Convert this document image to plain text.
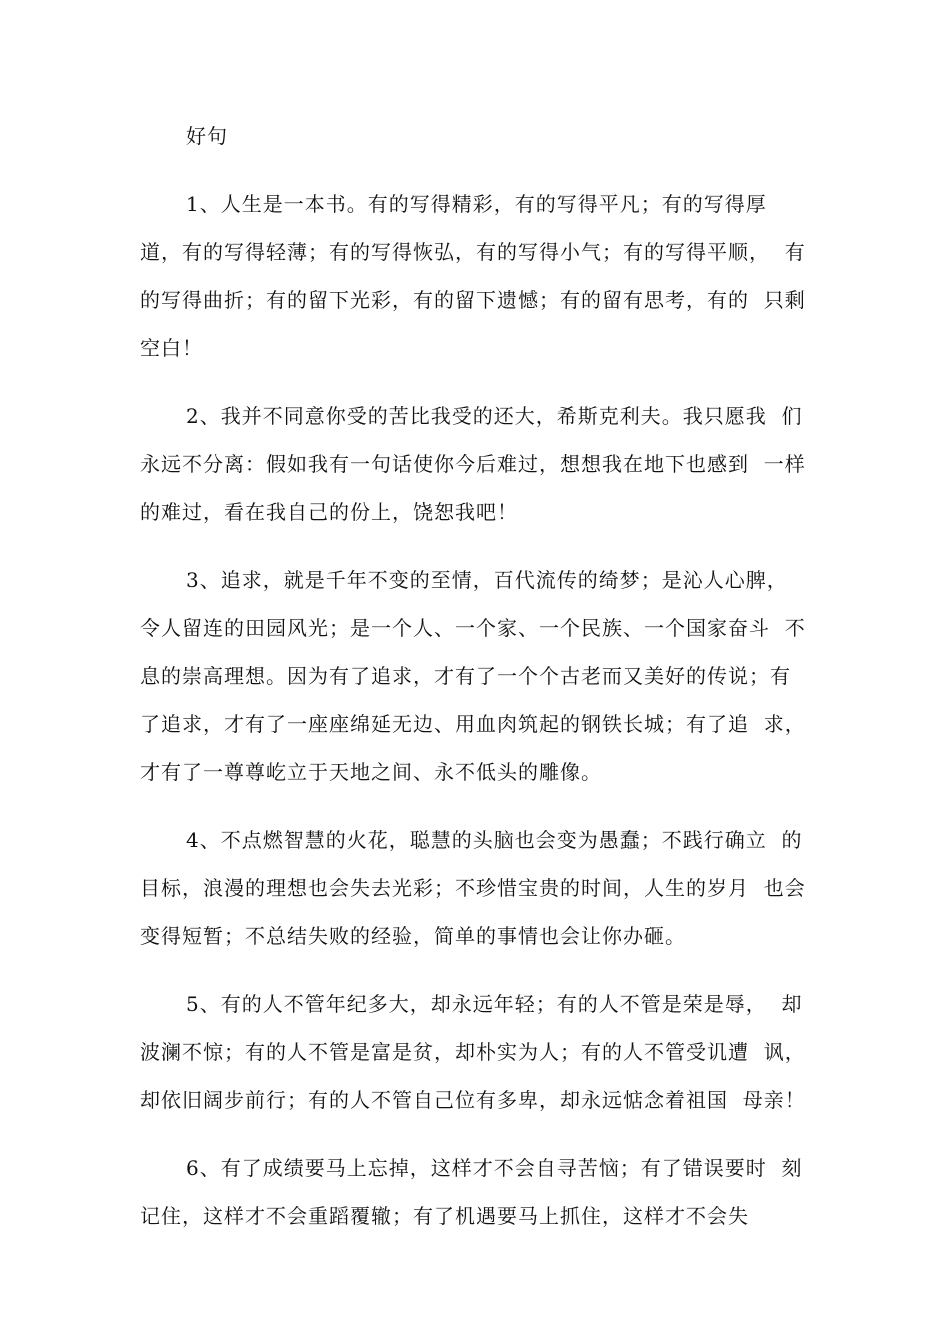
好句
1、人生是一本书。有的写得精彩，有的写得平凡；有的写得厚
道，有的写得轻薄；有的写得恢弘，有的写得小气；有的写得平顺，  有
的写得曲折；有的留下光彩，有的留下遗憾；有的留有思考，有的  只剩
空白！
2、我并不同意你受的苦比我受的还大，希斯克利夫。我只愿我  们
永远不分离：假如我有一句话使你今后难过，想想我在地下也感到  一样
的难过，看在我自己的份上，饶恕我吧！
3、追求，就是千年不变的至情，百代流传的绮梦；是沁人心脾，
令人留连的田园风光；是一个人、一个家、一个民族、一个国家奋斗  不
息的崇高理想。因为有了追求，才有了一个个古老而又美好的传说；有
了追求，才有了一座座绵延无边、用血肉筑起的钢铁长城；有了追  求，
才有了一尊尊屹立于天地之间、永不低头的雕像。
4、不点燃智慧的火花，聪慧的头脑也会变为愚蠢；不践行确立  的
目标，浪漫的理想也会失去光彩；不珍惜宝贵的时间，人生的岁月  也会
变得短暂；不总结失败的经验，简单的事情也会让你办砸。
5、有的人不管年纪多大，却永远年轻；有的人不管是荣是辱，  却
波澜不惊；有的人不管是富是贫，却朴实为人；有的人不管受讥遭  讽，
却依旧阔步前行；有的人不管自己位有多卑，却永远惦念着祖国  母亲！
6、有了成绩要马上忘掉，这样才不会自寻苦恼；有了错误要时  刻
记住，这样才不会重蹈覆辙；有了机遇要马上抓住，这样才不会失
